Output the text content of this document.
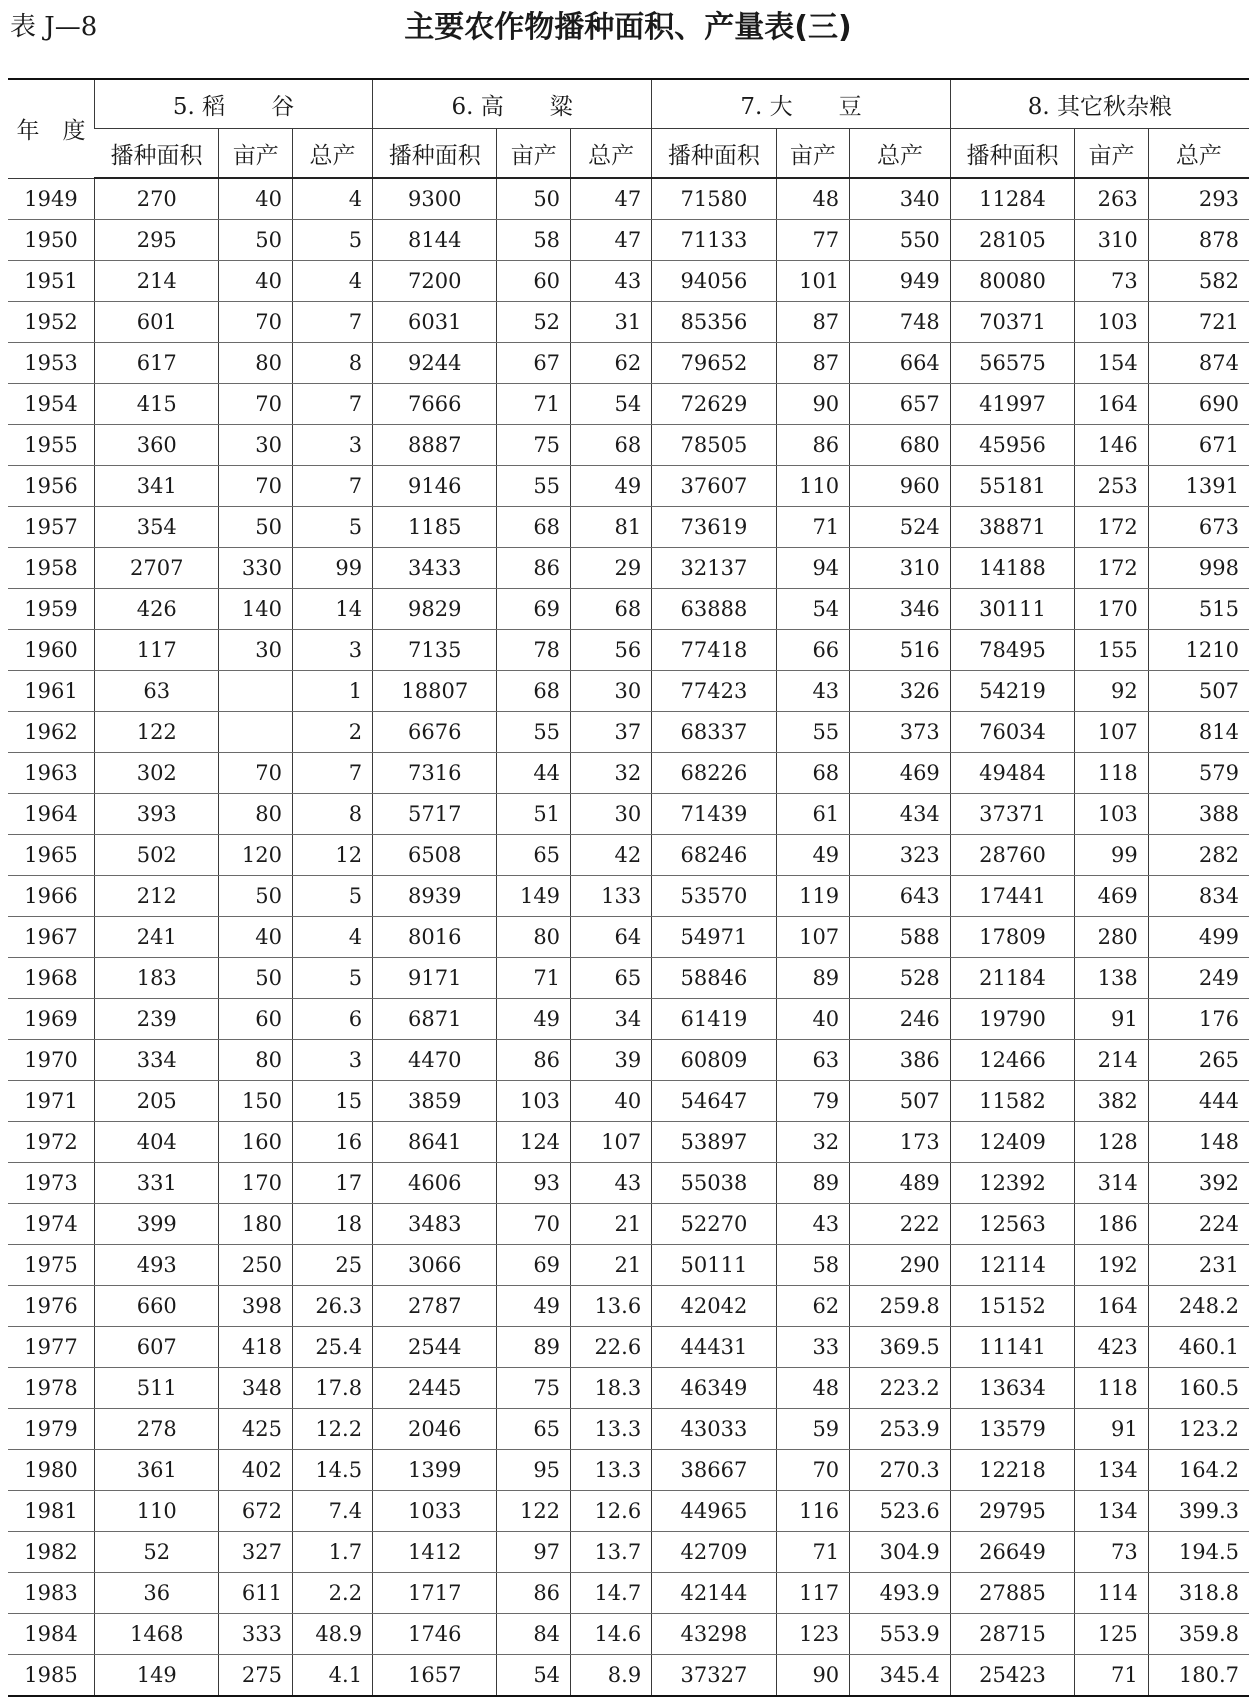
表 J—8	主要农作物播种面积、产量表(三)
年　度	5. 稻　　谷			6. 高　　粱			7. 大　　豆			8. 其它秋杂粮		
	播种面积	亩产	总产	播种面积	亩产	总产	播种面积	亩产	总产	播种面积	亩产	总产
1949	270	40	4	9300	50	47	71580	48	340	11284	263	293
1950	295	50	5	8144	58	47	71133	77	550	28105	310	878
1951	214	40	4	7200	60	43	94056	101	949	80080	73	582
1952	601	70	7	6031	52	31	85356	87	748	70371	103	721
1953	617	80	8	9244	67	62	79652	87	664	56575	154	874
1954	415	70	7	7666	71	54	72629	90	657	41997	164	690
1955	360	30	3	8887	75	68	78505	86	680	45956	146	671
1956	341	70	7	9146	55	49	37607	110	960	55181	253	1391
1957	354	50	5	1185	68	81	73619	71	524	38871	172	673
1958	2707	330	99	3433	86	29	32137	94	310	14188	172	998
1959	426	140	14	9829	69	68	63888	54	346	30111	170	515
1960	117	30	3	7135	78	56	77418	66	516	78495	155	1210
1961	63		1	18807	68	30	77423	43	326	54219	92	507
1962	122		2	6676	55	37	68337	55	373	76034	107	814
1963	302	70	7	7316	44	32	68226	68	469	49484	118	579
1964	393	80	8	5717	51	30	71439	61	434	37371	103	388
1965	502	120	12	6508	65	42	68246	49	323	28760	99	282
1966	212	50	5	8939	149	133	53570	119	643	17441	469	834
1967	241	40	4	8016	80	64	54971	107	588	17809	280	499
1968	183	50	5	9171	71	65	58846	89	528	21184	138	249
1969	239	60	6	6871	49	34	61419	40	246	19790	91	176
1970	334	80	3	4470	86	39	60809	63	386	12466	214	265
1971	205	150	15	3859	103	40	54647	79	507	11582	382	444
1972	404	160	16	8641	124	107	53897	32	173	12409	128	148
1973	331	170	17	4606	93	43	55038	89	489	12392	314	392
1974	399	180	18	3483	70	21	52270	43	222	12563	186	224
1975	493	250	25	3066	69	21	50111	58	290	12114	192	231
1976	660	398	26.3	2787	49	13.6	42042	62	259.8	15152	164	248.2
1977	607	418	25.4	2544	89	22.6	44431	33	369.5	11141	423	460.1
1978	511	348	17.8	2445	75	18.3	46349	48	223.2	13634	118	160.5
1979	278	425	12.2	2046	65	13.3	43033	59	253.9	13579	91	123.2
1980	361	402	14.5	1399	95	13.3	38667	70	270.3	12218	134	164.2
1981	110	672	7.4	1033	122	12.6	44965	116	523.6	29795	134	399.3
1982	52	327	1.7	1412	97	13.7	42709	71	304.9	26649	73	194.5
1983	36	611	2.2	1717	86	14.7	42144	117	493.9	27885	114	318.8
1984	1468	333	48.9	1746	84	14.6	43298	123	553.9	28715	125	359.8
1985	149	275	4.1	1657	54	8.9	37327	90	345.4	25423	71	180.7
